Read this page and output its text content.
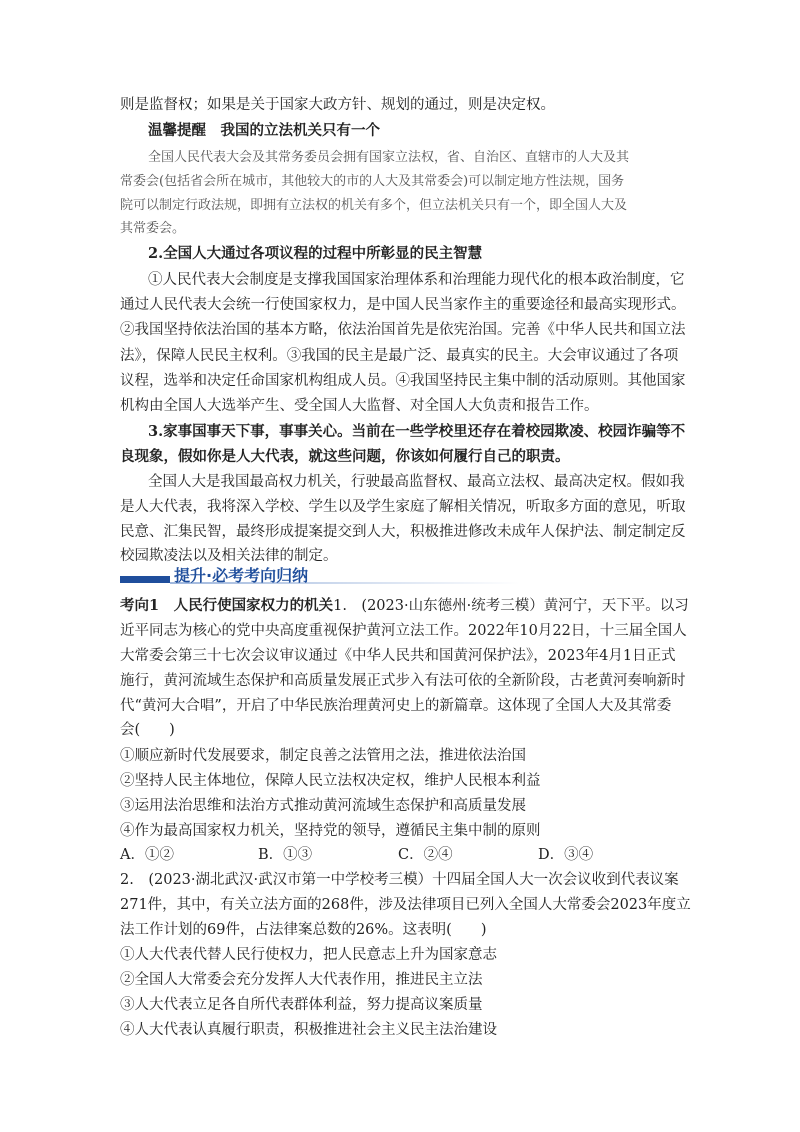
则是监督权；如果是关于国家大政方针、规划的通过，则是决定权。
温馨提醒　我国的立法机关只有一个
全国人民代表大会及其常务委员会拥有国家立法权，省、自治区、直辖市的人大及其
常委会(包括省会所在城市，其他较大的市的人大及其常委会)可以制定地方性法规，国务
院可以制定行政法规，即拥有立法权的机关有多个，但立法机关只有一个，即全国人大及
其常委会。
2.全国人大通过各项议程的过程中所彰显的民主智慧
①人民代表大会制度是支撑我国国家治理体系和治理能力现代化的根本政治制度，它
通过人民代表大会统一行使国家权力，是中国人民当家作主的重要途径和最高实现形式。
②我国坚持依法治国的基本方略，依法治国首先是依宪治国。完善《中华人民共和国立法
法》，保障人民民主权利。③我国的民主是最广泛、最真实的民主。大会审议通过了各项
议程，选举和决定任命国家机构组成人员。④我国坚持民主集中制的活动原则。其他国家
机构由全国人大选举产生、受全国人大监督、对全国人大负责和报告工作。
3.家事国事天下事，事事关心。当前在一些学校里还存在着校园欺凌、校园诈骗等不
良现象，假如你是人大代表，就这些问题，你该如何履行自己的职责。
全国人大是我国最高权力机关，行驶最高监督权、最高立法权、最高决定权。假如我
是人大代表，我将深入学校、学生以及学生家庭了解相关情况，听取多方面的意见，听取
民意、汇集民智，最终形成提案提交到人大，积极推进修改未成年人保护法、制定制定反
校园欺凌法以及相关法律的制定。
提升·必考考向归纳
考向1　人民行使国家权力的机关1.　(2023·山东德州·统考三模）黄河宁，天下平。以习
近平同志为核心的党中央高度重视保护黄河立法工作。2022年10月22日，十三届全国人
大常委会第三十七次会议审议通过《中华人民共和国黄河保护法》，2023年4月1日正式
施行，黄河流域生态保护和高质量发展正式步入有法可依的全新阶段，古老黄河奏响新时
代“黄河大合唱”，开启了中华民族治理黄河史上的新篇章。这体现了全国人大及其常委
会(　　)
①顺应新时代发展要求，制定良善之法管用之法，推进依法治国
②坚持人民主体地位，保障人民立法权决定权，维护人民根本利益
③运用法治思维和法治方式推动黄河流域生态保护和高质量发展
④作为最高国家权力机关，坚持党的领导，遵循民主集中制的原则
A．①②	B．①③	C．②④	D．③④
2.　(2023·湖北武汉·武汉市第一中学校考三模）十四届全国人大一次会议收到代表议案
271件，其中，有关立法方面的268件，涉及法律项目已列入全国人大常委会2023年度立
法工作计划的69件，占法律案总数的26%。这表明(　　)
①人大代表代替人民行使权力，把人民意志上升为国家意志
②全国人大常委会充分发挥人大代表作用，推进民主立法
③人大代表立足各自所代表群体利益，努力提高议案质量
④人大代表认真履行职责，积极推进社会主义民主法治建设
